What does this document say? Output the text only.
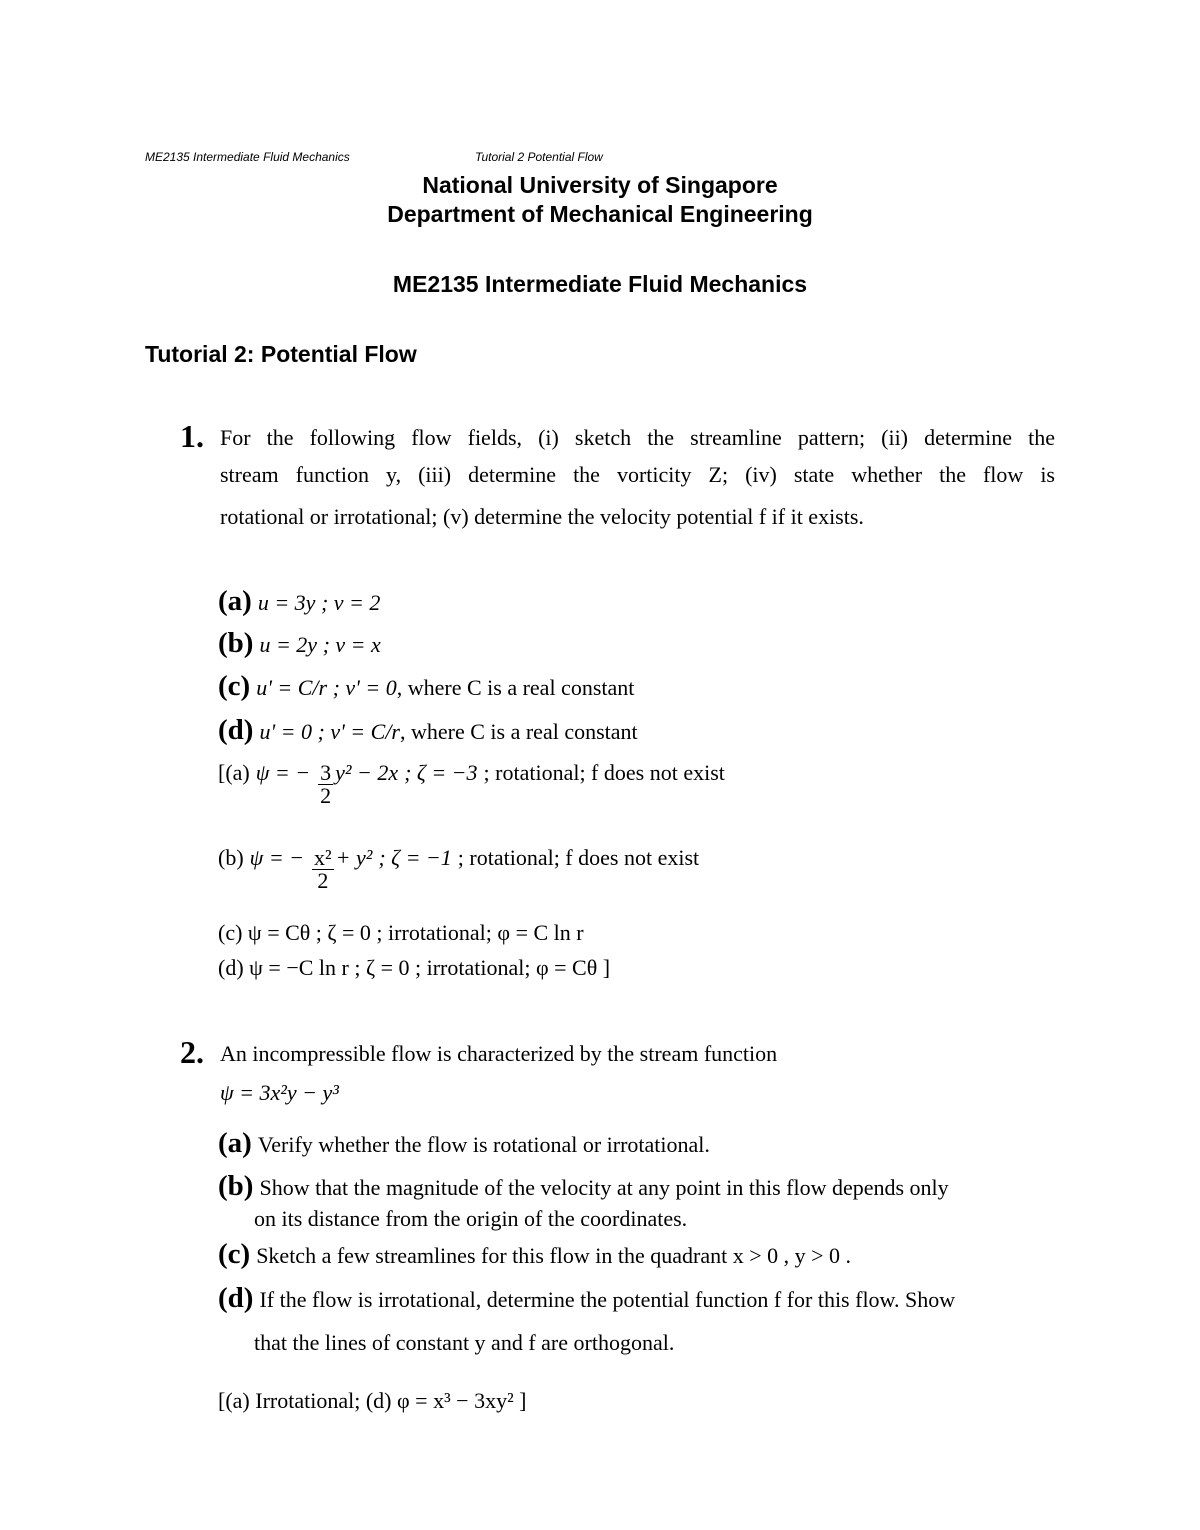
ME2135 Intermediate Fluid Mechanics	Tutorial 2 Potential Flow
National University of Singapore
Department of Mechanical Engineering
ME2135 Intermediate Fluid Mechanics
Tutorial 2: Potential Flow
1. For the following flow fields, (i) sketch the streamline pattern; (ii) determine the
stream function y, (iii) determine the vorticity Z; (iv) state whether the flow is
rotational or irrotational; (v) determine the velocity potential f if it exists.
(a) u = 3y ; v = 2
(b) u = 2y ; v = x
(c) u' = C/r ; v' = 0 , where C is a real constant
(d) u' = 0 ; v' = C/r , where C is a real constant
[(a) ψ = − $\frac{3}{2} y^2 - 2x$ ; ζ = −3 ; rotational; f does not exist
(b) ψ = − $\frac{\text{x²}}{2} + y^2$ ; ζ = −1 ; rotational; f does not exist
(c) ψ = Cθ ; ζ = 0 ; irrotational; φ = C ln r
(d) ψ = −C ln r ; ζ = 0 ; irrotational; φ = Cθ ]
2. An incompressible flow is characterized by the stream function
ψ = 3x²y − y³
(a) Verify whether the flow is rotational or irrotational.
(b) Show that the magnitude of the velocity at any point in this flow depends only
on its distance from the origin of the coordinates.
(c) Sketch a few streamlines for this flow in the quadrant x > 0 , y > 0 .
(d) If the flow is irrotational, determine the potential function f for this flow. Show
that the lines of constant y and f are orthogonal.
[(a) Irrotational; (d) φ = x³ − 3xy² ]
